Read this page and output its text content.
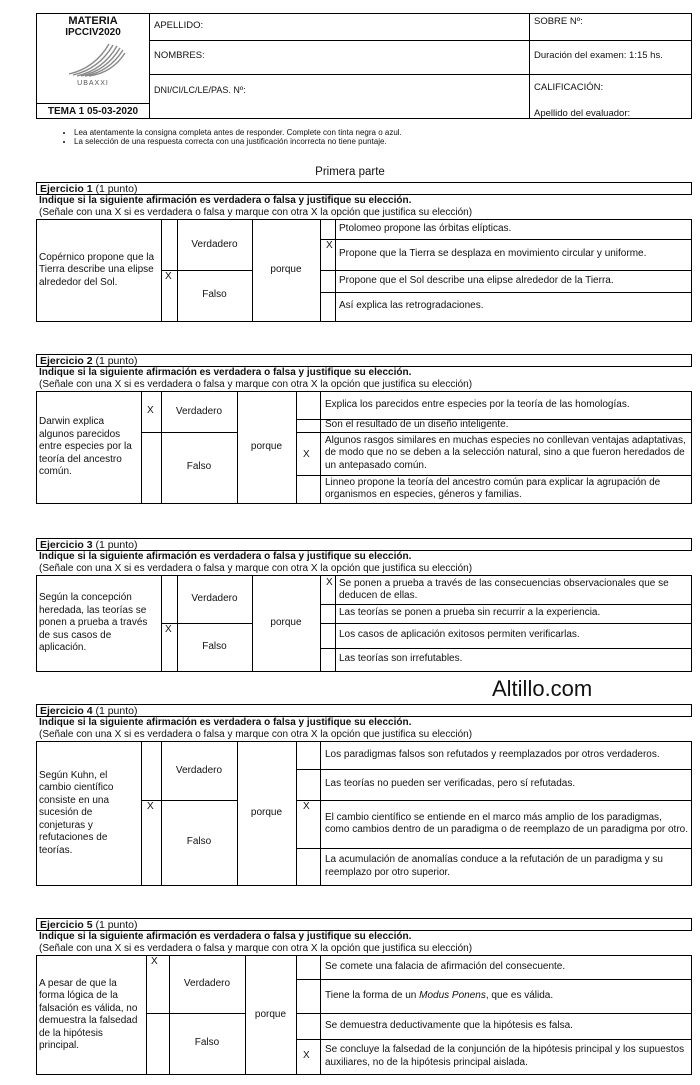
MATERIA
IPCCIV2020
UBAXXI
TEMA 1 05-03-2020
APELLIDO:
NOMBRES:
DNI/CI/LC/LE/PAS. Nº:
SOBRE Nº:
Duración del examen: 1:15 hs.
CALIFICACIÓN:
Apellido del evaluador:
• Lea atentamente la consigna completa antes de responder. Complete con tinta negra o azul.
• La selección de una respuesta correcta con una justificación incorrecta no tiene puntaje.
Primera parte
Ejercicio 1 (1 punto)
Indique si la siguiente afirmación es verdadera o falsa y justifique su elección.
(Señale con una X si es verdadera o falsa y marque con otra X la opción que justifica su elección)
Copérnico propone que la Tierra describe una elipse alrededor del Sol.
Verdadero
Falso
porque
X
X
Ptolomeo propone las órbitas elípticas.
Propone que la Tierra se desplaza en movimiento circular y uniforme.
Propone que el Sol describe una elipse alrededor de la Tierra.
Así explica las retrogradaciones.
Ejercicio 2 (1 punto)
Indique si la siguiente afirmación es verdadera o falsa y justifique su elección.
(Señale con una X si es verdadera o falsa y marque con otra X la opción que justifica su elección)
Darwin explica algunos parecidos entre especies por la teoría del ancestro común.
X	Verdadero
Falso
porque
X
Explica los parecidos entre especies por la teoría de las homologías.
Son el resultado de un diseño inteligente.
Algunos rasgos similares en muchas especies no conllevan ventajas adaptativas, de modo que no se deben a la selección natural, sino a que fueron heredados de un antepasado común.
Linneo propone la teoría del ancestro común para explicar la agrupación de organismos en especies, géneros y familias.
Ejercicio 3 (1 punto)
Indique si la siguiente afirmación es verdadera o falsa y justifique su elección.
(Señale con una X si es verdadera o falsa y marque con otra X la opción que justifica su elección)
Según la concepción heredada, las teorías se ponen a prueba a través de sus casos de aplicación.
Verdadero
Falso
porque
X
X Se ponen a prueba a través de las consecuencias observacionales que se deducen de ellas.
Las teorías se ponen a prueba sin recurrir a la experiencia.
Los casos de aplicación exitosos permiten verificarlas.
Las teorías son irrefutables.
Altillo.com
Ejercicio 4 (1 punto)
Indique si la siguiente afirmación es verdadera o falsa y justifique su elección.
(Señale con una X si es verdadera o falsa y marque con otra X la opción que justifica su elección)
Según Kuhn, el cambio científico consiste en una sucesión de conjeturas y refutaciones de teorías.
Verdadero
Falso
porque
X	X
Los paradigmas falsos son refutados y reemplazados por otros verdaderos.
Las teorías no pueden ser verificadas, pero sí refutadas.
El cambio científico se entiende en el marco más amplio de los paradigmas, como cambios dentro de un paradigma o de reemplazo de un paradigma por otro.
La acumulación de anomalías conduce a la refutación de un paradigma y su reemplazo por otro superior.
Ejercicio 5 (1 punto)
Indique si la siguiente afirmación es verdadera o falsa y justifique su elección.
(Señale con una X si es verdadera o falsa y marque con otra X la opción que justifica su elección)
A pesar de que la forma lógica de la falsación es válida, no demuestra la falsedad de la hipótesis principal.
X
Verdadero
Falso
porque
X
Se comete una falacia de afirmación del consecuente.
Tiene la forma de un
Modus Ponens , que es válida.
Se demuestra deductivamente que la hipótesis es falsa.
Se concluye la falsedad de la conjunción de la hipótesis principal y los supuestos auxiliares, no de la hipótesis principal aislada.
